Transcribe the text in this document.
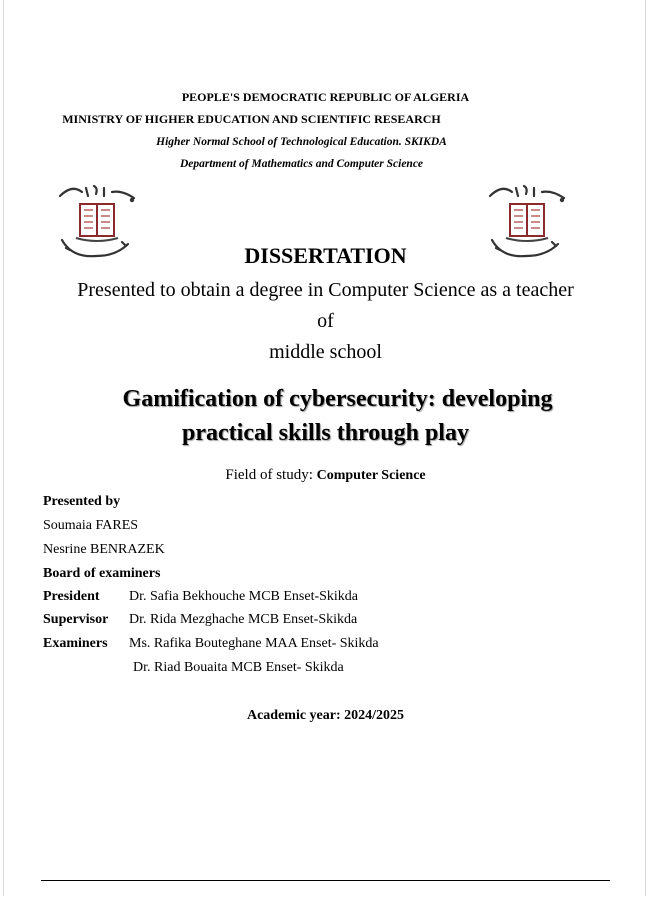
PEOPLE'S DEMOCRATIC REPUBLIC OF ALGERIA
MINISTRY OF HIGHER EDUCATION AND SCIENTIFIC RESEARCH
Higher Normal School of Technological Education. SKIKDA
Department of Mathematics and Computer Science
DISSERTATION
Presented to obtain a degree in Computer Science as a teacher
of
middle school
Gamification of cybersecurity: developing
practical skills through play
Field of study: Computer Science
Presented by
Soumaia FARES
Nesrine BENRAZEK
Board of examiners
President Dr. Safia Bekhouche MCB Enset-Skikda
Supervisor Dr. Rida Mezghache MCB Enset-Skikda
Examiners Ms. Rafika Bouteghane MAA Enset- Skikda
Dr. Riad Bouaita MCB Enset- Skikda
Academic year: 2024/2025
